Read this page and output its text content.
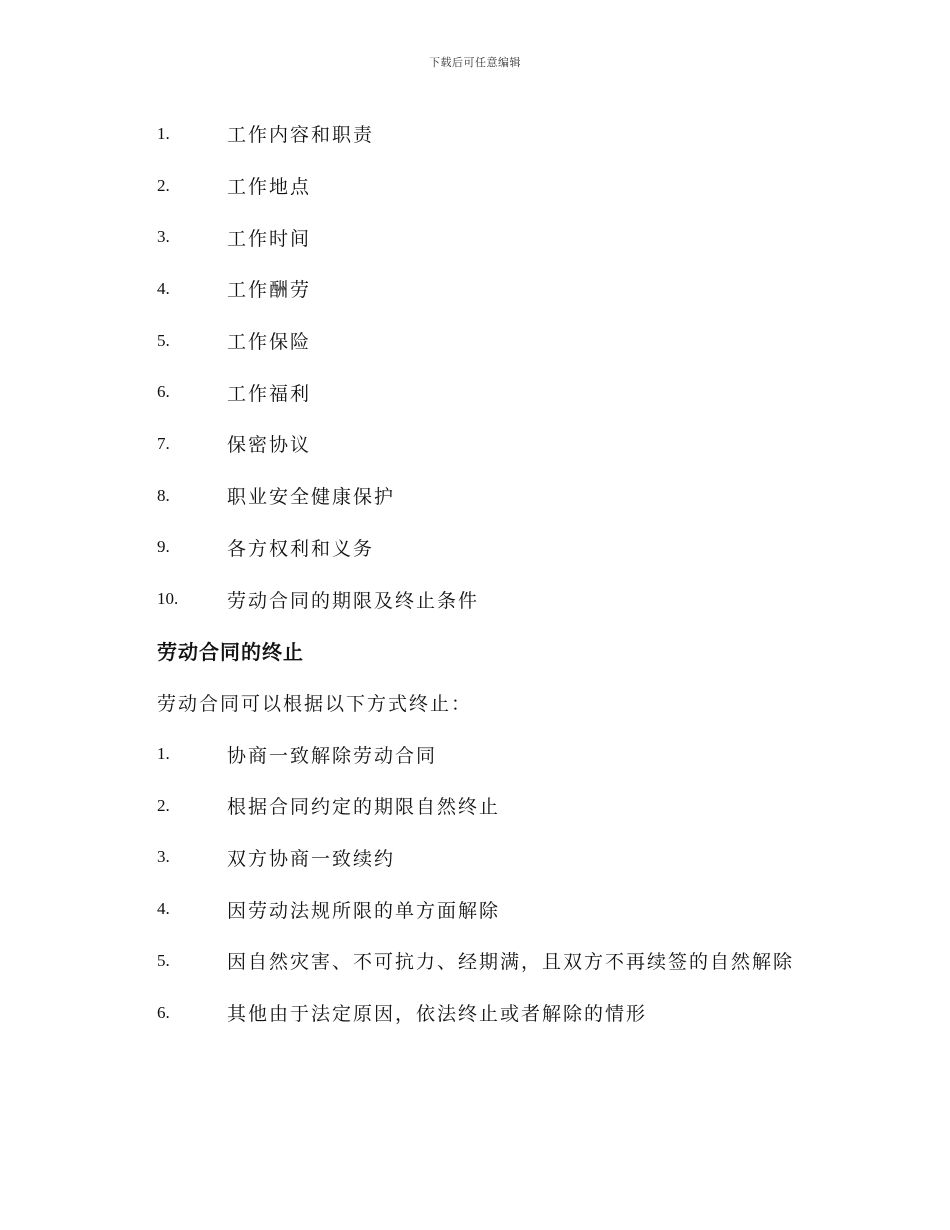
下载后可任意编辑
1.	工作内容和职责
2.	工作地点
3.	工作时间
4.	工作酬劳
5.	工作保险
6.	工作福利
7.	保密协议
8.	职业安全健康保护
9.	各方权利和义务
10.	劳动合同的期限及终止条件
劳动合同的终止

劳动合同可以根据以下方式终止：

1.	协商一致解除劳动合同
2.	根据合同约定的期限自然终止
3.	双方协商一致续约
4.	因劳动法规所限的单方面解除
5.	因自然灾害、不可抗力、经期满，且双方不再续签的自然解除
6.	其他由于法定原因，依法终止或者解除的情形
